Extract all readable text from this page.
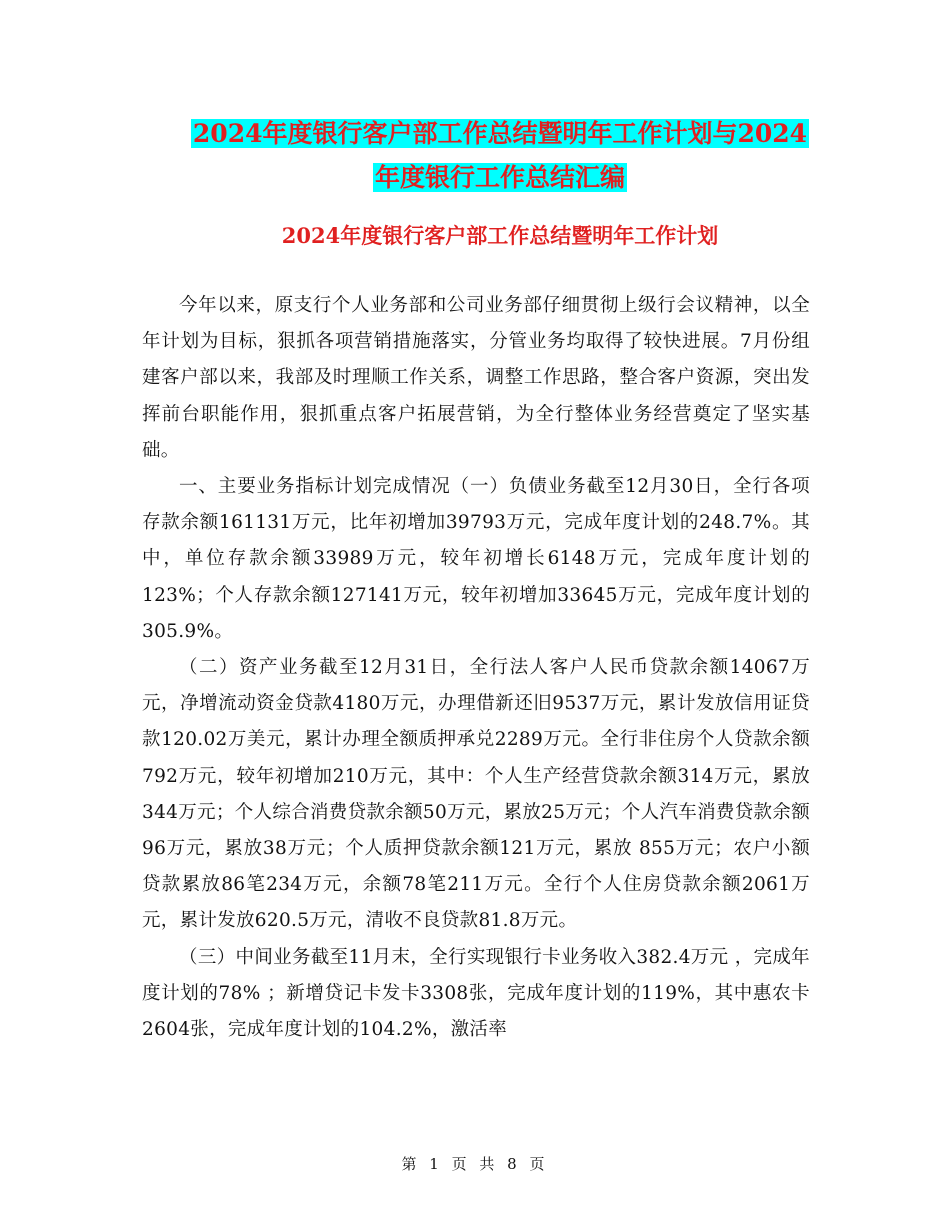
2024年度银行客户部工作总结暨明年工作计划与2024
年度银行工作总结汇编
2024年度银行客户部工作总结暨明年工作计划

今年以来，原支行个人业务部和公司业务部仔细贯彻上级行会议精神，以全年计划为目标，狠抓各项营销措施落实，分管业务均取得了较快进展。7月份组建客户部以来，我部及时理顺工作关系，调整工作思路，整合客户资源，突出发挥前台职能作用，狠抓重点客户拓展营销，为全行整体业务经营奠定了坚实基础。

一、主要业务指标计划完成情况（一）负债业务截至12月30日，全行各项存款余额161131万元，比年初增加39793万元，完成年度计划的248.7%。其中，单位存款余额33989万元，较年初增长6148万元，完成年度计划的123%；个人存款余额127141万元，较年初增加33645万元，完成年度计划的305.9%。

（二）资产业务截至12月31日，全行法人客户人民币贷款余额14067万元，净增流动资金贷款4180万元，办理借新还旧9537万元，累计发放信用证贷款120.02万美元，累计办理全额质押承兑2289万元。全行非住房个人贷款余额792万元，较年初增加210万元，其中：个人生产经营贷款余额314万元，累放344万元；个人综合消费贷款余额50万元，累放25万元；个人汽车消费贷款余额96万元，累放38万元；个人质押贷款余额121万元，累放 855万元；农户小额贷款累放86笔234万元，余额78笔211万元。全行个人住房贷款余额2061万元，累计发放620.5万元，清收不良贷款81.8万元。

（三）中间业务截至11月末，全行实现银行卡业务收入382.4万元 ，完成年度计划的78% ；新增贷记卡发卡3308张，完成年度计划的119%，其中惠农卡2604张，完成年度计划的104.2%，激活率

第 1 页 共 8 页
